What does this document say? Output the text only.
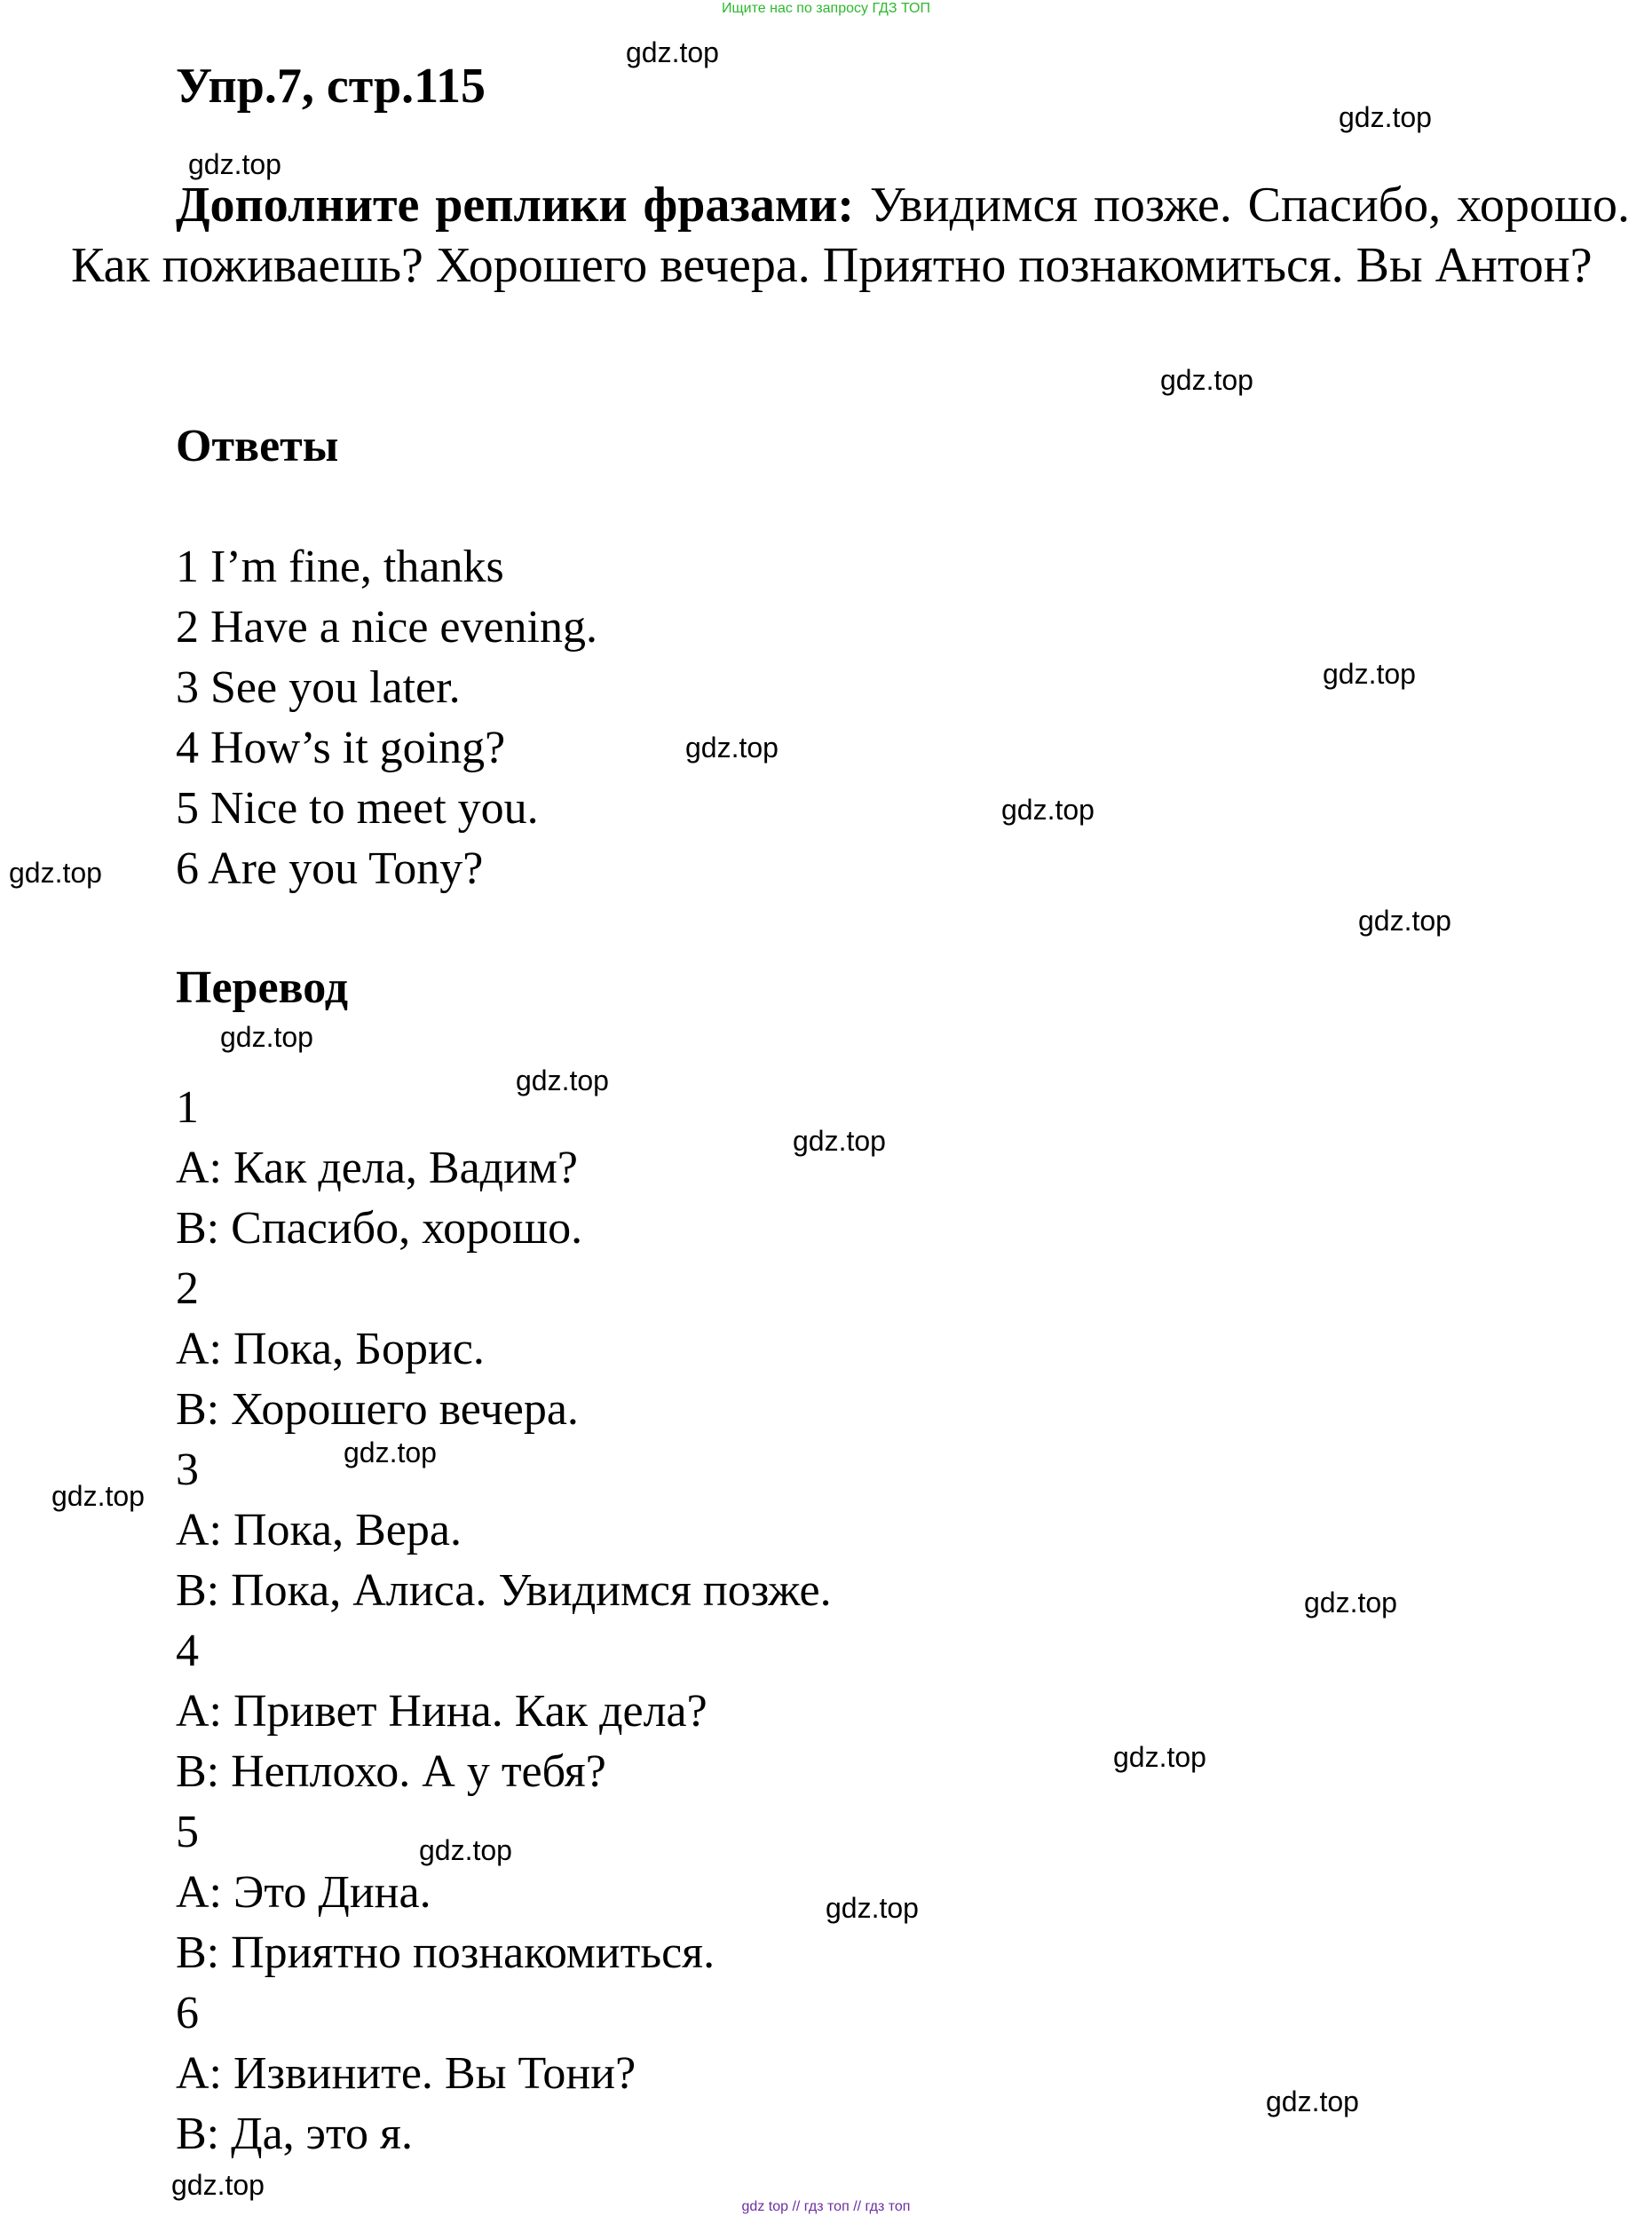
Ищите нас по запросу ГДЗ ТОП
Упр.7, стр.115
Дополните реплики фразами: Увидимся позже. Спасибо, хорошо. Как поживаешь? Хорошего вечера. Приятно познакомиться. Вы Антон?
Ответы
1 I’m fine, thanks
2 Have a nice evening.
3 See you later.
4 How’s it going?
5 Nice to meet you.
6 Are you Tony?
Перевод
1
А: Как дела, Вадим?
В: Спасибо, хорошо.
2
А: Пока, Борис.
В: Хорошего вечера.
3
А: Пока, Вера.
В: Пока, Алиса. Увидимся позже.
4
А: Привет Нина. Как дела?
В: Неплохо. А у тебя?
5
А: Это Дина.
В: Приятно познакомиться.
6
А: Извините. Вы Тони?
В: Да, это я.
gdz.top
gdz.top
gdz.top
gdz.top
gdz.top
gdz.top
gdz.top
gdz.top
gdz.top
gdz.top
gdz.top
gdz.top
gdz.top
gdz.top
gdz.top
gdz.top
gdz.top
gdz.top
gdz.top
gdz.top
gdz top // гдз топ // гдз топ
